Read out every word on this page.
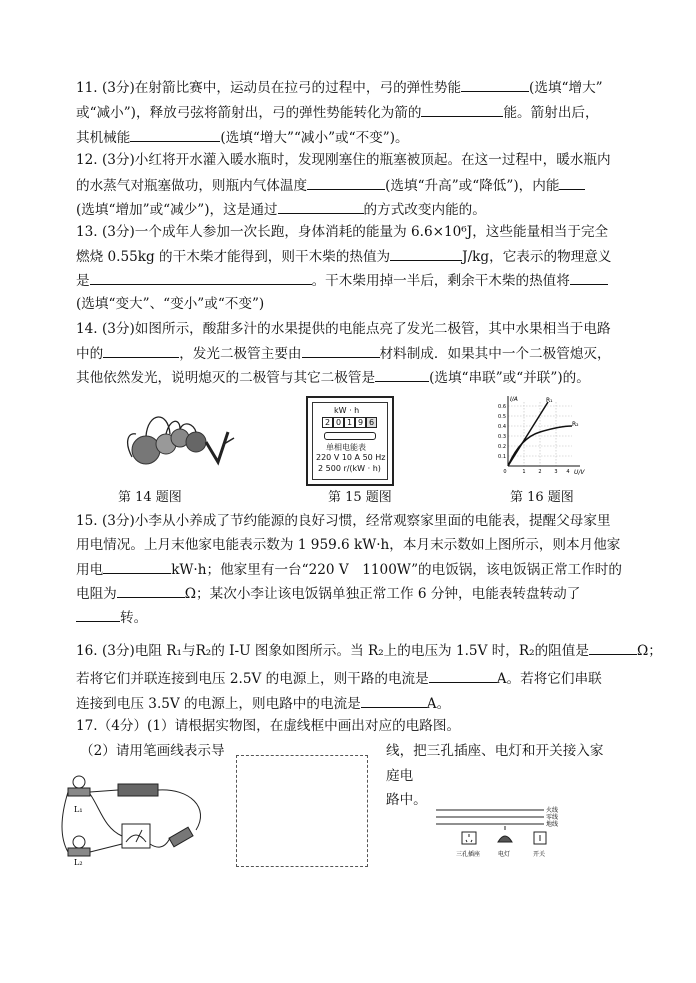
11. (3分)在射箭比赛中，运动员在拉弓的过程中，弓的弹性势能	(选填“增大”
或“减小”)，释放弓弦将箭射出，弓的弹性势能转化为箭的	能。箭射出后，
其机械能	(选填“增大”“减小”或“不变”)。
12. (3分)小红将开水灌入暖水瓶时，发现刚塞住的瓶塞被顶起。在这一过程中，暖水瓶内
的水蒸气对瓶塞做功，则瓶内气体温度	(选填“升高”或“降低”)，内能
(选填“增加”或“减少”)，这是通过	的方式改变内能的。
13. (3分)一个成年人参加一次长跑，身体消耗的能量为 6.6×10⁶J，这些能量相当于完全
燃烧 0.55kg 的干木柴才能得到，则干木柴的热值为	J/kg，它表示的物理意义
是	。干木柴用掉一半后，剩余干木柴的热值将
(选填“变大”、“变小”或“不变”)
14. (3分)如图所示，酸甜多汁的水果提供的电能点亮了发光二极管，其中水果相当于电路
中的	，发光二极管主要由	材料制成．如果其中一个二极管熄灭，
其他依然发光，说明熄灭的二极管与其它二极管是	(选填“串联”或“并联”)的。
第 14 题图
kW · h
2 0 1 9 6
单相电能表
220 V 10 A 50 Hz
2 500 r/(kW · h)
第 15 题图
I/A
U/V
R₁
R₂
0.6
0.5
0.4
0.3
0.2
0.1
0	1	2	3 4
第 16 题图
15. (3分)小李从小养成了节约能源的良好习惯，经常观察家里面的电能表，提醒父母家里
用电情况。上月末他家电能表示数为 1 959.6 kW·h，本月末示数如上图所示，则本月他家
用电	kW·h；他家里有一台“220 V　1100W”的电饭锅，该电饭锅正常工作时的
电阻为	Ω；某次小李让该电饭锅单独正常工作 6 分钟，电能表转盘转动了
转。
16. (3分)电阻 R₁与R₂的 I-U 图象如图所示。当 R₂上的电压为 1.5V 时，R₂的阻值是	Ω；
若将它们并联连接到电压 2.5V 的电源上，则干路的电流是	A。若将它们串联
连接到电压 3.5V 的电源上，则电路中的电流是	A。
17.（4分）(1）请根据实物图，在虚线框中画出对应的电路图。
（2）请用笔画线表示导	线，把三孔插座、电灯和开关接入家
庭电
路中。
L₁
L₂
火线
零线
地线
三孔插座	电灯	开关
